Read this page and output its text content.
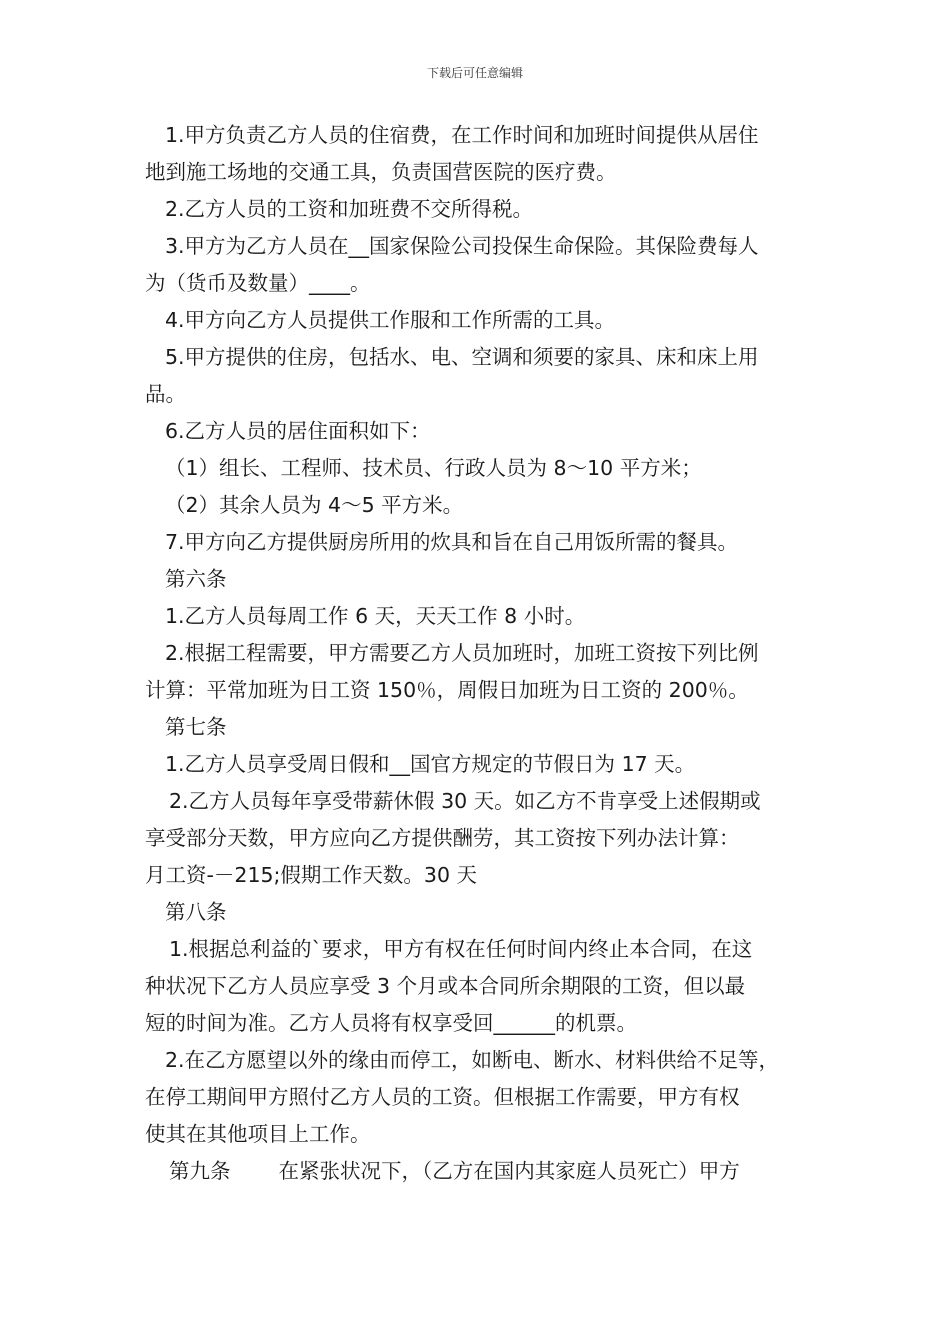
下载后可任意编辑

1.甲方负责乙方人员的住宿费，在工作时间和加班时间提供从居住

地到施工场地的交通工具，负责国营医院的医疗费。

2.乙方人员的工资和加班费不交所得税。

3.甲方为乙方人员在__国家保险公司投保生命保险。其保险费每人

为（货币及数量）____。

4.甲方向乙方人员提供工作服和工作所需的工具。

5.甲方提供的住房，包括水、电、空调和须要的家具、床和床上用

品。

6.乙方人员的居住面积如下：

（1）组长、工程师、技术员、行政人员为 8～10 平方米；

（2）其余人员为 4～5 平方米。

7.甲方向乙方提供厨房所用的炊具和旨在自己用饭所需的餐具。

第六条

1.乙方人员每周工作 6 天，天天工作 8 小时。

2.根据工程需要，甲方需要乙方人员加班时，加班工资按下列比例

计算：平常加班为日工资 150％，周假日加班为日工资的 200％。

第七条

1.乙方人员享受周日假和__国官方规定的节假日为 17 天。

2.乙方人员每年享受带薪休假 30 天。如乙方不肯享受上述假期或

享受部分天数，甲方应向乙方提供酬劳，其工资按下列办法计算：

月工资-－215;假期工作天数。30 天

第八条

1.根据总利益的`要求，甲方有权在任何时间内终止本合同，在这

种状况下乙方人员应享受 3 个月或本合同所余期限的工资，但以最

短的时间为准。乙方人员将有权享受回______的机票。

2.在乙方愿望以外的缘由而停工，如断电、断水、材料供给不足等，

在停工期间甲方照付乙方人员的工资。但根据工作需要，甲方有权

使其在其他项目上工作。

第九条 在紧张状况下，（乙方在国内其家庭人员死亡）甲方
